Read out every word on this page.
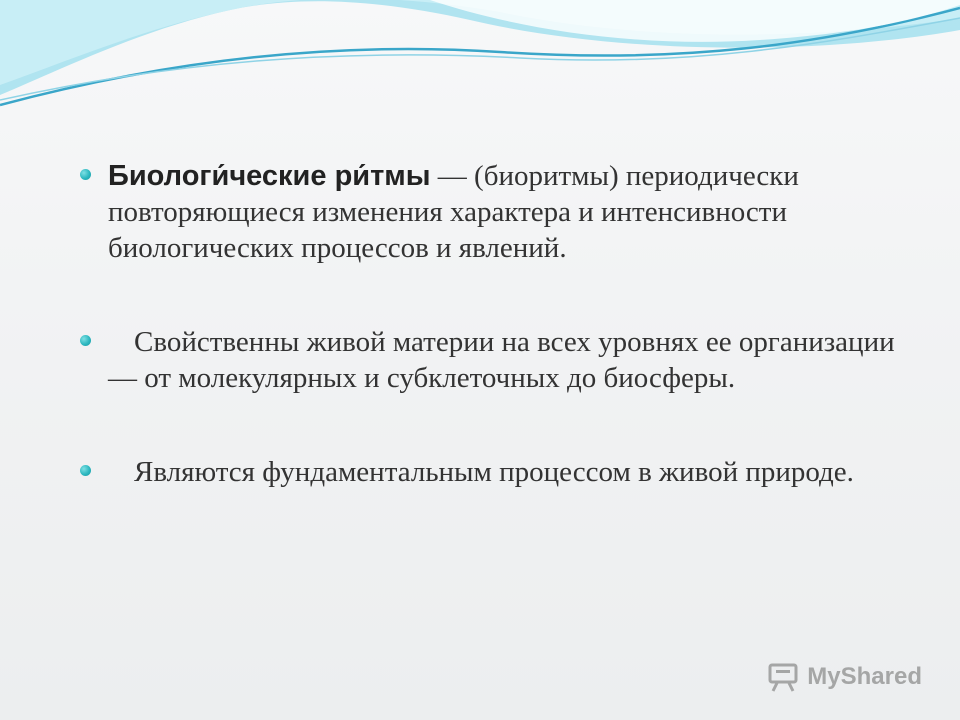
Биологи́ческие ри́тмы — (биоритмы) периодически повторяющиеся изменения характера и интенсивности биологических процессов и явлений.
Свойственны живой материи на всех уровнях ее организации — от молекулярных и субклеточных до биосферы.
Являются фундаментальным процессом в живой природе.
MyShared
